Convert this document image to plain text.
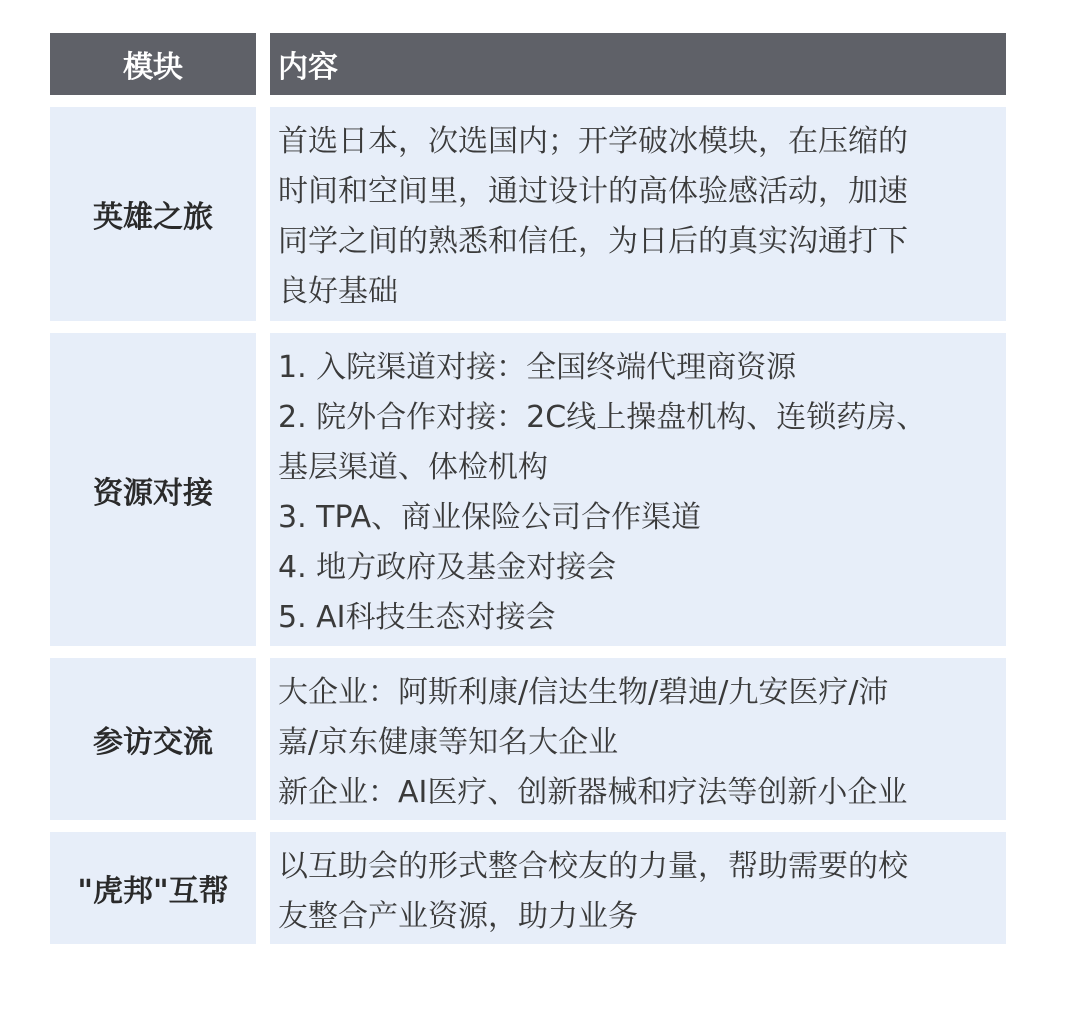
模块	内容
英雄之旅
首选日本，次选国内；开学破冰模块，在压缩的
时间和空间里，通过设计的高体验感活动，加速
同学之间的熟悉和信任，为日后的真实沟通打下
良好基础
资源对接
1. 入院渠道对接：全国终端代理商资源
2. 院外合作对接：2C线上操盘机构、连锁药房、
基层渠道、体检机构
3. TPA、商业保险公司合作渠道
4. 地方政府及基金对接会
5. AI科技生态对接会
参访交流
大企业：阿斯利康/信达生物/碧迪/九安医疗/沛
嘉/京东健康等知名大企业
新企业：AI医疗、创新器械和疗法等创新小企业
"虎邦"互帮
以互助会的形式整合校友的力量，帮助需要的校
友整合产业资源，助力业务
